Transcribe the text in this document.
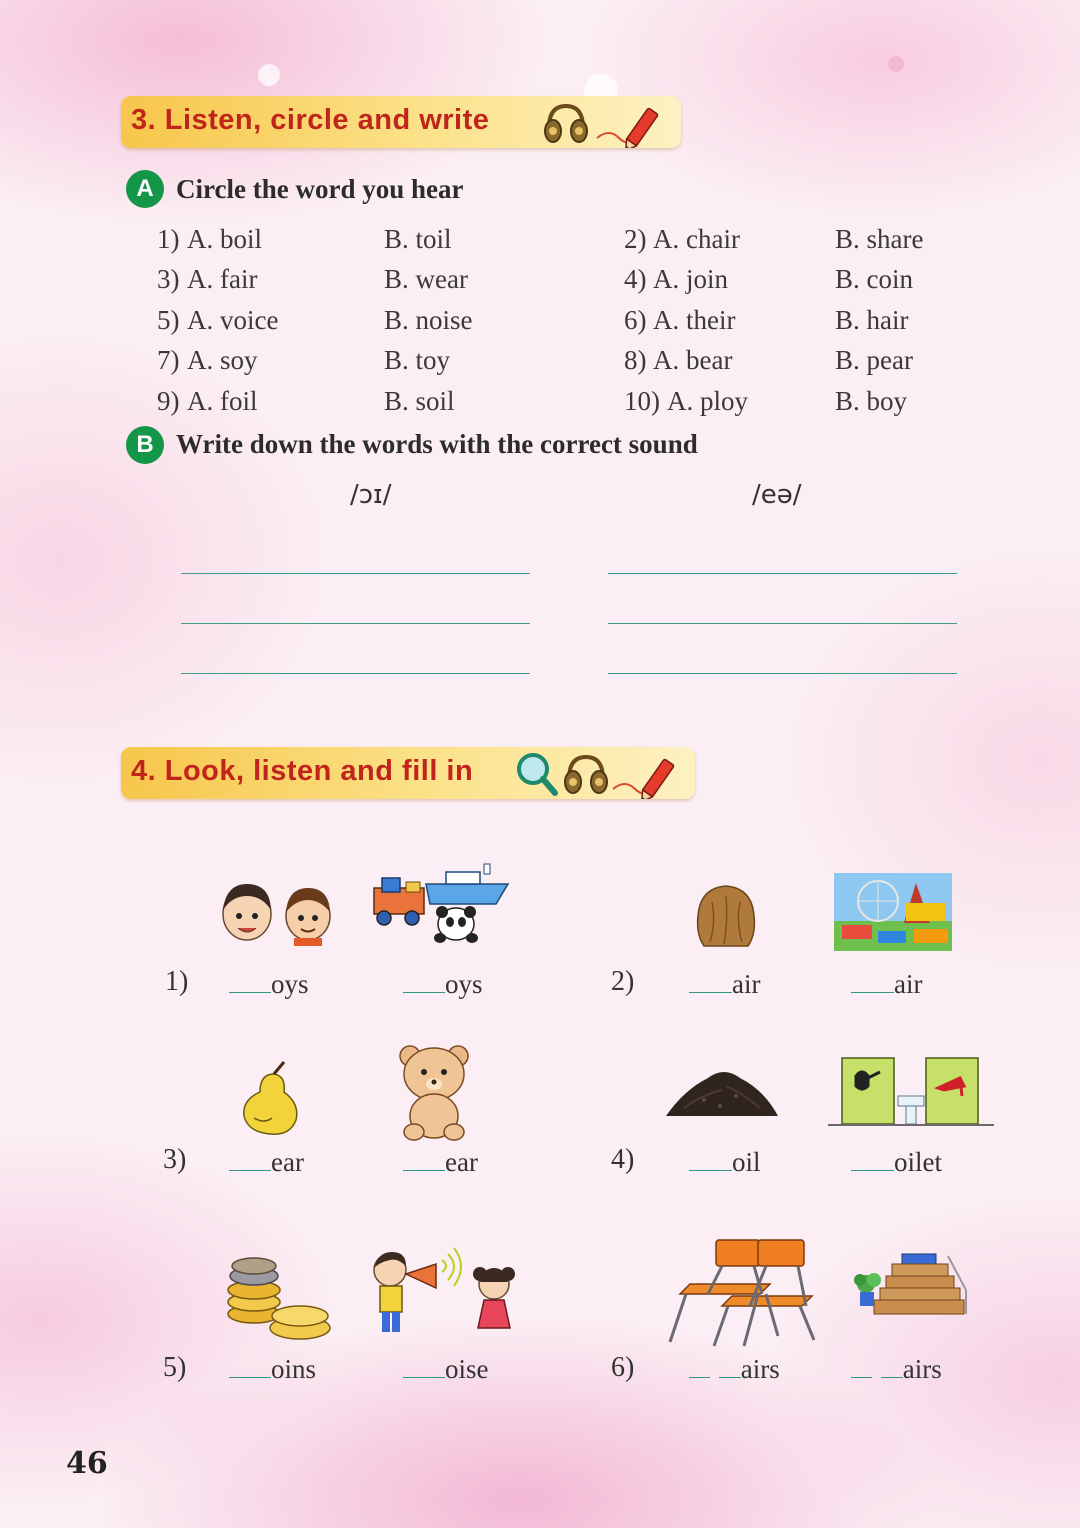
3. Listen, circle and write
A Circle the word you hear
1) A. boil	B. toil	2) A. chair	B. share
3) A. fair	B. wear	4) A. join	B. coin
5) A. voice	B. noise	6) A. their	B. hair
7) A. soy	B. toy	8) A. bear	B. pear
9) A. foil	B. soil	10) A. ploy	B. boy
B Write down the words with the correct sound
/ɔɪ/	/eə/
4. Look, listen and fill in
1)	oys	oys	2)	air	air
3)	ear	ear	4)	oil	oilet
5)	oins	oise	6)	airs	airs
46
